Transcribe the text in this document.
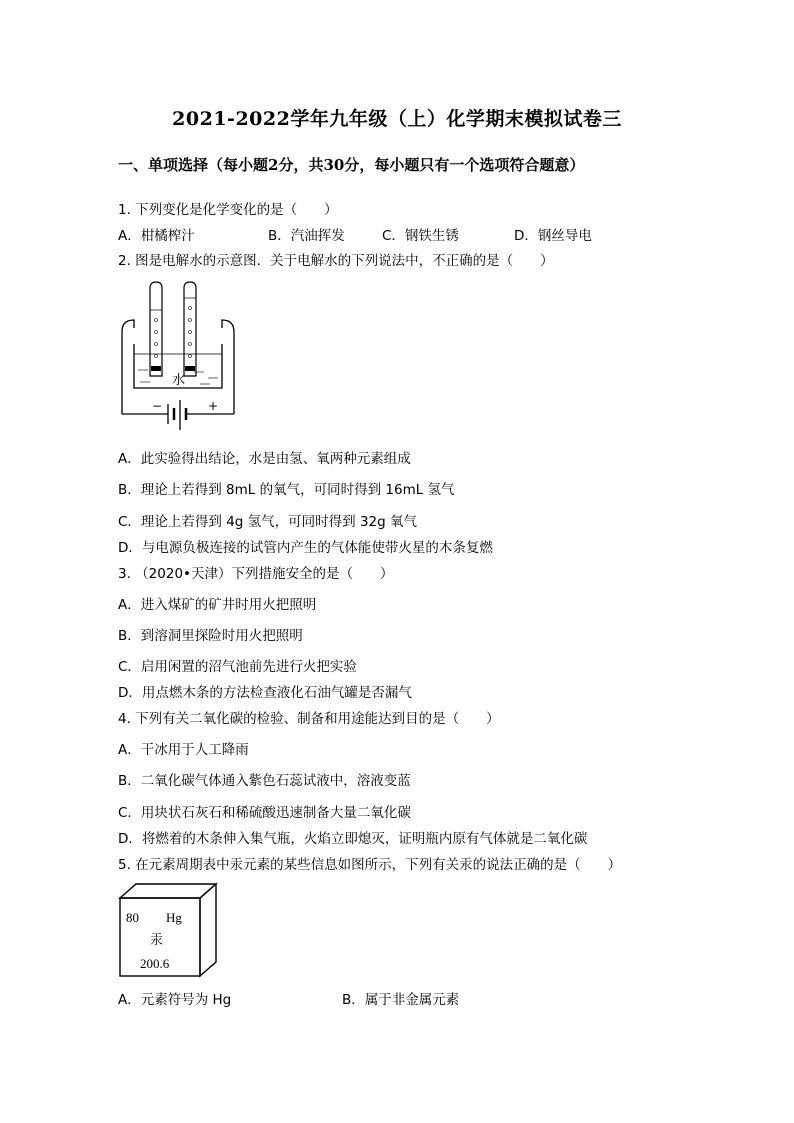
2021-2022学年九年级（上）化学期末模拟试卷三
一、单项选择（每小题2分，共30分，每小题只有一个选项符合题意）
1. 下列变化是化学变化的是（　　）
A．柑橘榨汁	B．汽油挥发	C．钢铁生锈	D．钢丝导电
2. 图是电解水的示意图．关于电解水的下列说法中，不正确的是（　　）
水
−	+
A．此实验得出结论，水是由氢、氧两种元素组成
B．理论上若得到 8mL 的氧气，可同时得到 16mL 氢气
C．理论上若得到 4g 氢气，可同时得到 32g 氧气
D．与电源负极连接的试管内产生的气体能使带火星的木条复燃
3. （2020•天津）下列措施安全的是（　　）
A．进入煤矿的矿井时用火把照明
B．到溶洞里探险时用火把照明
C．启用闲置的沼气池前先进行火把实验
D．用点燃木条的方法检查液化石油气罐是否漏气
4. 下列有关二氧化碳的检验、制备和用途能达到目的是（　　）
A．干冰用于人工降雨
B．二氧化碳气体通入紫色石蕊试液中，溶液变蓝
C．用块状石灰石和稀硫酸迅速制备大量二氧化碳
D．将燃着的木条伸入集气瓶，火焰立即熄灭，证明瓶内原有气体就是二氧化碳
5. 在元素周期表中汞元素的某些信息如图所示，下列有关汞的说法正确的是（　　）
80 Hg
汞
200.6
A．元素符号为 Hg	B．属于非金属元素
